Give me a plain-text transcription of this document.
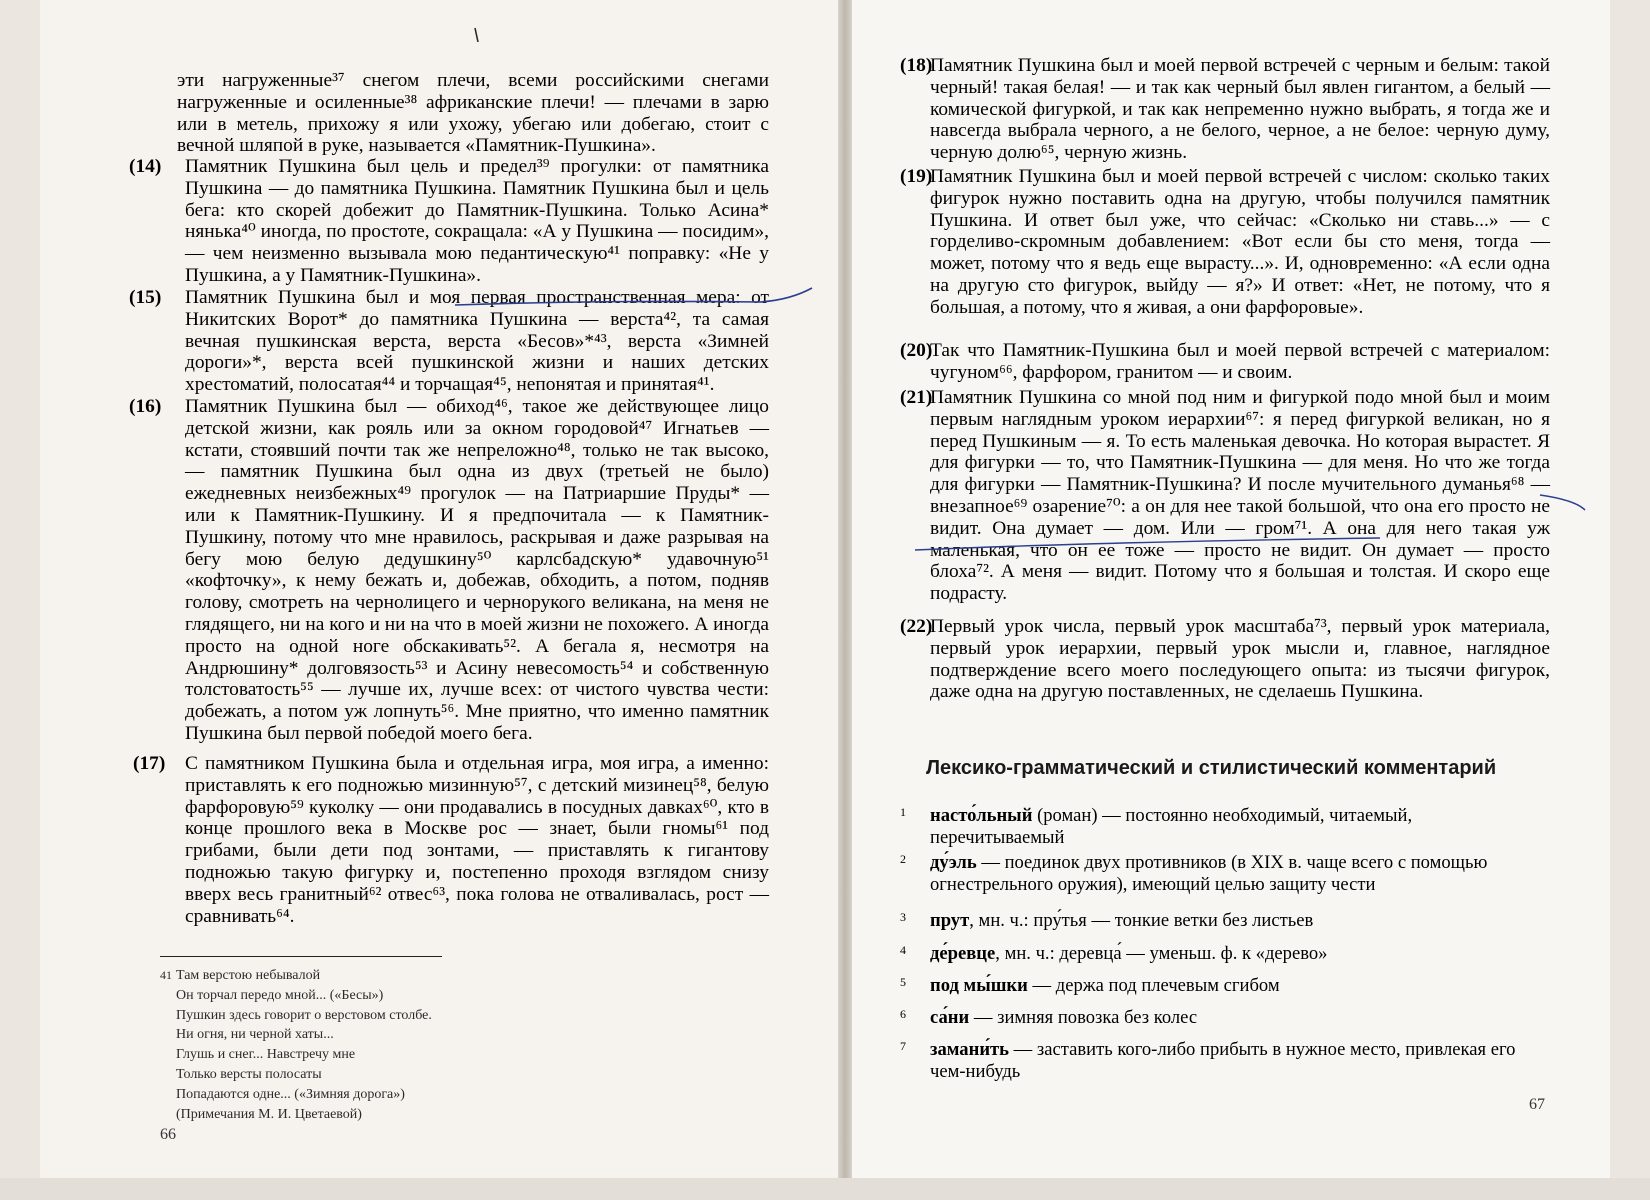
эти нагруженные³⁷ снегом плечи, всеми российскими снегами нагруженные и осиленные³⁸ африканские плечи! — плечами в зарю или в метель, прихожу я или ухожу, убегаю или добегаю, стоит с вечной шляпой в руке, называется «Памятник-Пушкина».
(14) Памятник Пушкина был цель и предел³⁹ прогулки: от памятника Пушкина — до памятника Пушкина. Памятник Пушкина был и цель бега: кто скорей добежит до Памятник-Пушкина. Только Асина* нянька⁴⁰ иногда, по простоте, сокращала: «А у Пушкина — посидим», — чем неизменно вызывала мою педантическую⁴¹ поправку: «Не у Пушкина, а у Памятник-Пушкина».
(15) Памятник Пушкина был и моя первая пространственная мера: от Никитских Ворот* до памятника Пушкина — верста⁴², та самая вечная пушкинская верста, верста «Бесов»*⁴³, верста «Зимней дороги»*, верста всей пушкинской жизни и наших детских хрестоматий, полосатая⁴⁴ и торчащая⁴⁵, непонятая и принятая⁴¹.
(16) Памятник Пушкина был — обиход⁴⁶, такое же действующее лицо детской жизни, как рояль или за окном городовой⁴⁷ Игнатьев — кстати, стоявший почти так же непреложно⁴⁸, только не так высоко, — памятник Пушкина был одна из двух (третьей не было) ежедневных неизбежных⁴⁹ прогулок — на Патриаршие Пруды* — или к Памятник-Пушкину. И я предпочитала — к Памятник-Пушкину, потому что мне нравилось, раскрывая и даже разрывая на бегу мою белую дедушкину⁵⁰ карлсбадскую* удавочную⁵¹ «кофточку», к нему бежать и, добежав, обходить, а потом, подняв голову, смотреть на чернолицего и чернорукого великана, на меня не глядящего, ни на кого и ни на что в моей жизни не похожего. А иногда просто на одной ноге обскакивать⁵². А бегала я, несмотря на Андрюшину* долговязость⁵³ и Асину невесомость⁵⁴ и собственную толстоватость⁵⁵ — лучше их, лучше всех: от чистого чувства чести: добежать, а потом уж лопнуть⁵⁶. Мне приятно, что именно памятник Пушкина был первой победой моего бега.
(17) С памятником Пушкина была и отдельная игра, моя игра, а именно: приставлять к его подножью мизинную⁵⁷, с детский мизинец⁵⁸, белую фарфоровую⁵⁹ куколку — они продавались в посудных давках⁶⁰, кто в конце прошлого века в Москве рос — знает, были гномы⁶¹ под грибами, были дети под зонтами, — приставлять к гигантову подножью такую фигурку и, постепенно проходя взглядом снизу вверх весь гранитный⁶² отвес⁶³, пока голова не отваливалась, рост — сравнивать⁶⁴.
41 Там верстою небывалой
Он торчал передо мной... («Бесы»)
Пушкин здесь говорит о верстовом столбе.
Ни огня, ни черной хаты...
Глушь и снег... Навстречу мне
Только версты полосаты
Попадаются одне... («Зимняя дорога»)
(Примечания М. И. Цветаевой)
66
(18)
Памятник Пушкина был и моей первой встречей с черным и белым: такой черный! такая белая! — и так как черный был явлен гигантом, а белый — комической фигуркой, и так как непременно нужно выбрать, я тогда же и навсегда выбрала черного, а не белого, черное, а не белое: черную думу, черную долю⁶⁵, черную жизнь.
(19)
Памятник Пушкина был и моей первой встречей с числом: сколько таких фигурок нужно поставить одна на другую, чтобы получился памятник Пушкина. И ответ был уже, что сейчас: «Сколько ни ставь...» — с горделиво-скромным добавлением: «Вот если бы сто меня, тогда — может, потому что я ведь еще вырасту...». И, одновременно: «А если одна на другую сто фигурок, выйду — я?» И ответ: «Нет, не потому, что я большая, а потому, что я живая, а они фарфоровые».
(20)
Так что Памятник-Пушкина был и моей первой встречей с материалом: чугуном⁶⁶, фарфором, гранитом — и своим.
(21)
Памятник Пушкина со мной под ним и фигуркой подо мной был и моим первым наглядным уроком иерархии⁶⁷: я перед фигуркой великан, но я перед Пушкиным — я. То есть маленькая девочка. Но которая вырастет. Я для фигурки — то, что Памятник-Пушкина — для меня. Но что же тогда для фигурки — Памятник-Пушкина? И после мучительного думанья⁶⁸ — внезапное⁶⁹ озарение⁷⁰: а он для нее такой большой, что она его просто не видит. Она думает — дом. Или — гром⁷¹. А она для него такая уж маленькая, что он ее тоже — просто не видит. Он думает — просто блоха⁷². А меня — видит. Потому что я большая и толстая. И скоро еще подрасту.
(22)
Первый урок числа, первый урок масштаба⁷³, первый урок материала, первый урок иерархии, первый урок мысли и, главное, наглядное подтверждение всего моего последующего опыта: из тысячи фигурок, даже одна на другую поставленных, не сделаешь Пушкина.
Лексико-грамматический и стилистический комментарий
1 насто́льный (роман) — постоянно необходимый, читаемый, перечитываемый
2 ду́эль — поединок двух противников (в XIX в. чаще всего с помощью огнестрельного оружия), имеющий целью защиту чести
3 прут, мн. ч.: пру́тья — тонкие ветки без листьев
4 де́ревце, мн. ч.: деревца́ — уменьш. ф. к «дерево»
5 под мы́шки — держа под плечевым сгибом
6 са́ни — зимняя повозка без колес
7 замани́ть — заставить кого-либо прибыть в нужное место, привлекая его чем-нибудь
67
